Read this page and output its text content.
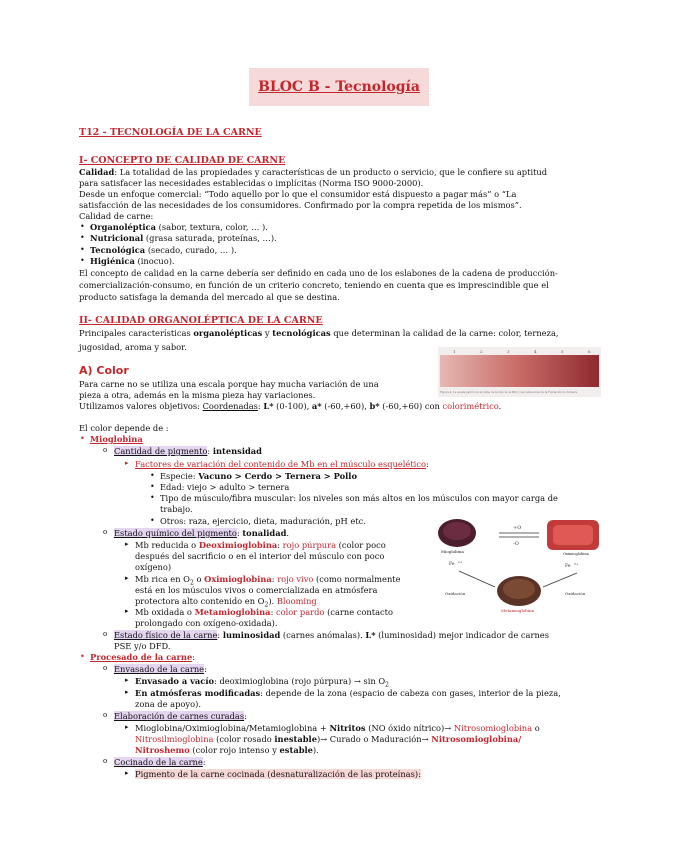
BLOC B - Tecnología
T12 - TECNOLOGÍA DE LA CARNE
I- CONCEPTO DE CALIDAD DE CARNE
Calidad: La totalidad de las propiedades y características de un producto o servicio, que le confiere su aptitud
para satisfacer las necesidades establecidas o implícitas (Norma ISO 9000-2000).
Desde un enfoque comercial: “Todo aquello por lo que el consumidor está dispuesto a pagar más” o “La
satisfacción de las necesidades de los consumidores. Confirmado por la compra repetida de los mismos”.
Calidad de carne:
• Organoléptica (sabor, textura, color, … ).
• Nutricional (grasa saturada, proteínas, …).
• Tecnológica (secado, curado, … ).
• Higiénica (inocuo).
El concepto de calidad en la carne debería ser definido en cada uno de los eslabones de la cadena de producción-
comercialización-consumo, en función de un criterio concreto, teniendo en cuenta que es imprescindible que el
producto satisfaga la demanda del mercado al que se destina.
II- CALIDAD ORGANOLÉPTICA DE LA CARNE
Principales características organolépticas y tecnológicas que determinan la calidad de la carne: color, terneza,
jugosidad, aroma y sabor.	1	2	3	4	5	6
Figura 4: 1a escala patrón de la carne de bovino de la FAO y las referencias de la Fundación de Ternera
A) Color
Para carne no se utiliza una escala porque hay mucha variación de una
pieza a otra, además en la misma pieza hay variaciones.
Utilizamos valores objetivos: Coordenadas: L* (0-100), a* (-60,+60), b* (-60,+60) con colorimétrico.
El color depende de :
• Mioglobina
o Cantidad de pigmento: intensidad
▸ Factores de variación del contenido de Mb en el músculo esquelético:
• Especie: Vacuno > Cerdo > Ternera > Pollo
• Edad: viejo > adulto > ternera
• Tipo de músculo/fibra muscular: los niveles son más altos en los músculos con mayor carga de
trabajo.
• Otros: raza, ejercicio, dieta, maduración, pH etc.
o Estado químico del pigmento: tonalidad.
▸ Mb reducida o Deoximioglobina: rojo púrpura (color poco
después del sacrificio o en el interior del músculo con poco
oxígeno)
▸ Mb rica en $O_2$ o Oximioglobina: rojo vivo (como normalmente
está en los músculos vivos o comercializada en atmósfera
protectora alto contenido en $O_2$). Blooming
▸ Mb oxidada o Metamioglobina: color pardo (carne contacto
prolongado con oxígeno-oxidada).
Mioglobina	Oximioglobina
Metamioglobina
+O
-O
Fe 2+
Fe 3+
Oxidación	Oxidación
o Estado físico de la carne: luminosidad (carnes anómalas). L* (luminosidad) mejor indicador de carnes
PSE y/o DFD.
• Procesado de la carne:
o Envasado de la carne:
▸ Envasado a vacío: deoximioglobina (rojo púrpura) → $\sin O_2$
▸ En atmósferas modificadas: depende de la zona (espacio de cabeza con gases, interior de la pieza,
zona de apoyo).
o Elaboración de carnes curadas:
▸ Mioglobina/Oximioglobina/Metamioglobina + Nitritos (NO óxido nítrico)→ Nitrosomioglobina o
Nitrosilmioglobina (color rosado inestable)→ Curado o Maduración→ Nitrosomioglobina/
Nitroshemo (color rojo intenso y estable).
o Cocinado de la carne:
▸ Pigmento de la carne cocinada (desnaturalización de las proteínas):
